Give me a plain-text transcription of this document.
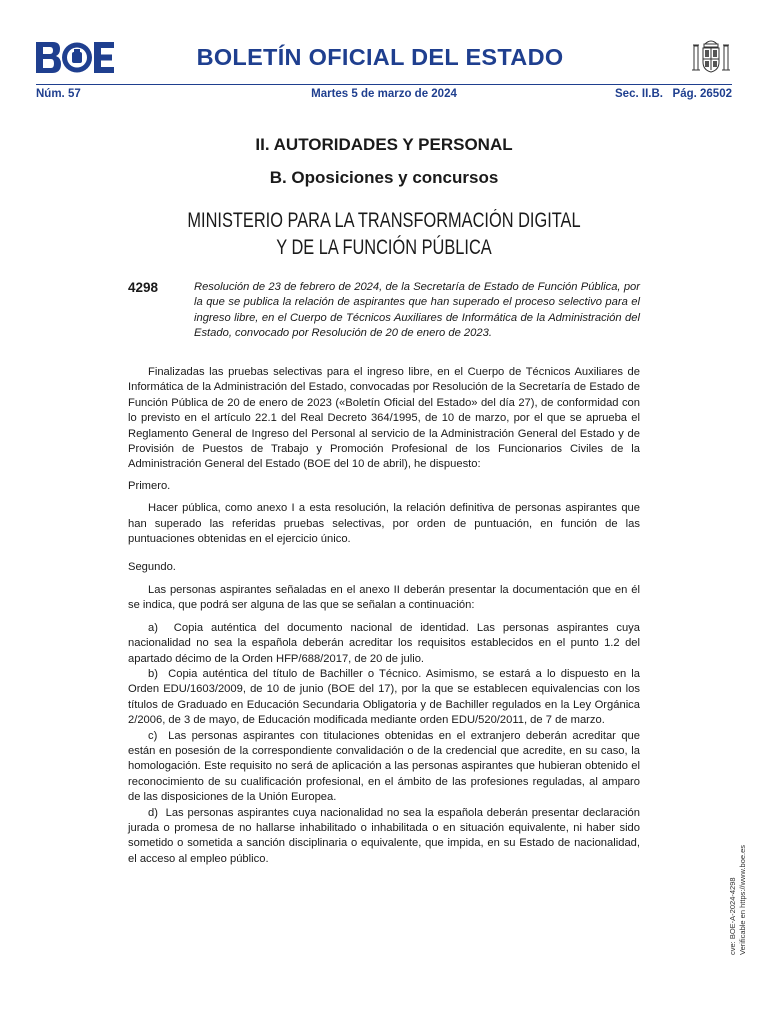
BOLETÍN OFICIAL DEL ESTADO
Núm. 57	Martes 5 de marzo de 2024	Sec. II.B.   Pág. 26502
II. AUTORIDADES Y PERSONAL
B. Oposiciones y concursos
MINISTERIO PARA LA TRANSFORMACIÓN DIGITAL
Y DE LA FUNCIÓN PÚBLICA
4298	Resolución de 23 de febrero de 2024, de la Secretaría de Estado de Función Pública, por la que se publica la relación de aspirantes que han superado el proceso selectivo para el ingreso libre, en el Cuerpo de Técnicos Auxiliares de Informática de la Administración del Estado, convocado por Resolución de 20 de enero de 2023.

Finalizadas las pruebas selectivas para el ingreso libre, en el Cuerpo de Técnicos Auxiliares de Informática de la Administración del Estado, convocadas por Resolución de la Secretaría de Estado de Función Pública de 20 de enero de 2023 («Boletín Oficial del Estado» del día 27), de conformidad con lo previsto en el artículo 22.1 del Real Decreto 364/1995, de 10 de marzo, por el que se aprueba el Reglamento General de Ingreso del Personal al servicio de la Administración General del Estado y de Provisión de Puestos de Trabajo y Promoción Profesional de los Funcionarios Civiles de la Administración General del Estado (BOE del 10 de abril), he dispuesto:

Primero.

Hacer pública, como anexo I a esta resolución, la relación definitiva de personas aspirantes que han superado las referidas pruebas selectivas, por orden de puntuación, en función de las puntuaciones obtenidas en el ejercicio único.

Segundo.

Las personas aspirantes señaladas en el anexo II deberán presentar la documentación que en él se indica, que podrá ser alguna de las que se señalan a continuación:

a)  Copia auténtica del documento nacional de identidad. Las personas aspirantes cuya nacionalidad no sea la española deberán acreditar los requisitos establecidos en el punto 1.2 del apartado décimo de la Orden HFP/688/2017, de 20 de julio.

b)  Copia auténtica del título de Bachiller o Técnico. Asimismo, se estará a lo dispuesto en la Orden EDU/1603/2009, de 10 de junio (BOE del 17), por la que se establecen equivalencias con los títulos de Graduado en Educación Secundaria Obligatoria y de Bachiller regulados en la Ley Orgánica 2/2006, de 3 de mayo, de Educación modificada mediante orden EDU/520/2011, de 7 de marzo.

c)  Las personas aspirantes con titulaciones obtenidas en el extranjero deberán acreditar que están en posesión de la correspondiente convalidación o de la credencial que acredite, en su caso, la homologación. Este requisito no será de aplicación a las personas aspirantes que hubieran obtenido el reconocimiento de su cualificación profesional, en el ámbito de las profesiones reguladas, al amparo de las disposiciones de la Unión Europea.

d)  Las personas aspirantes cuya nacionalidad no sea la española deberán presentar declaración jurada o promesa de no hallarse inhabilitado o inhabilitada o en situación equivalente, ni haber sido sometido o sometida a sanción disciplinaria o equivalente, que impida, en su Estado de nacionalidad, el acceso al empleo público.

cve: BOE-A-2024-4298 Verificable en https://www.boe.es
